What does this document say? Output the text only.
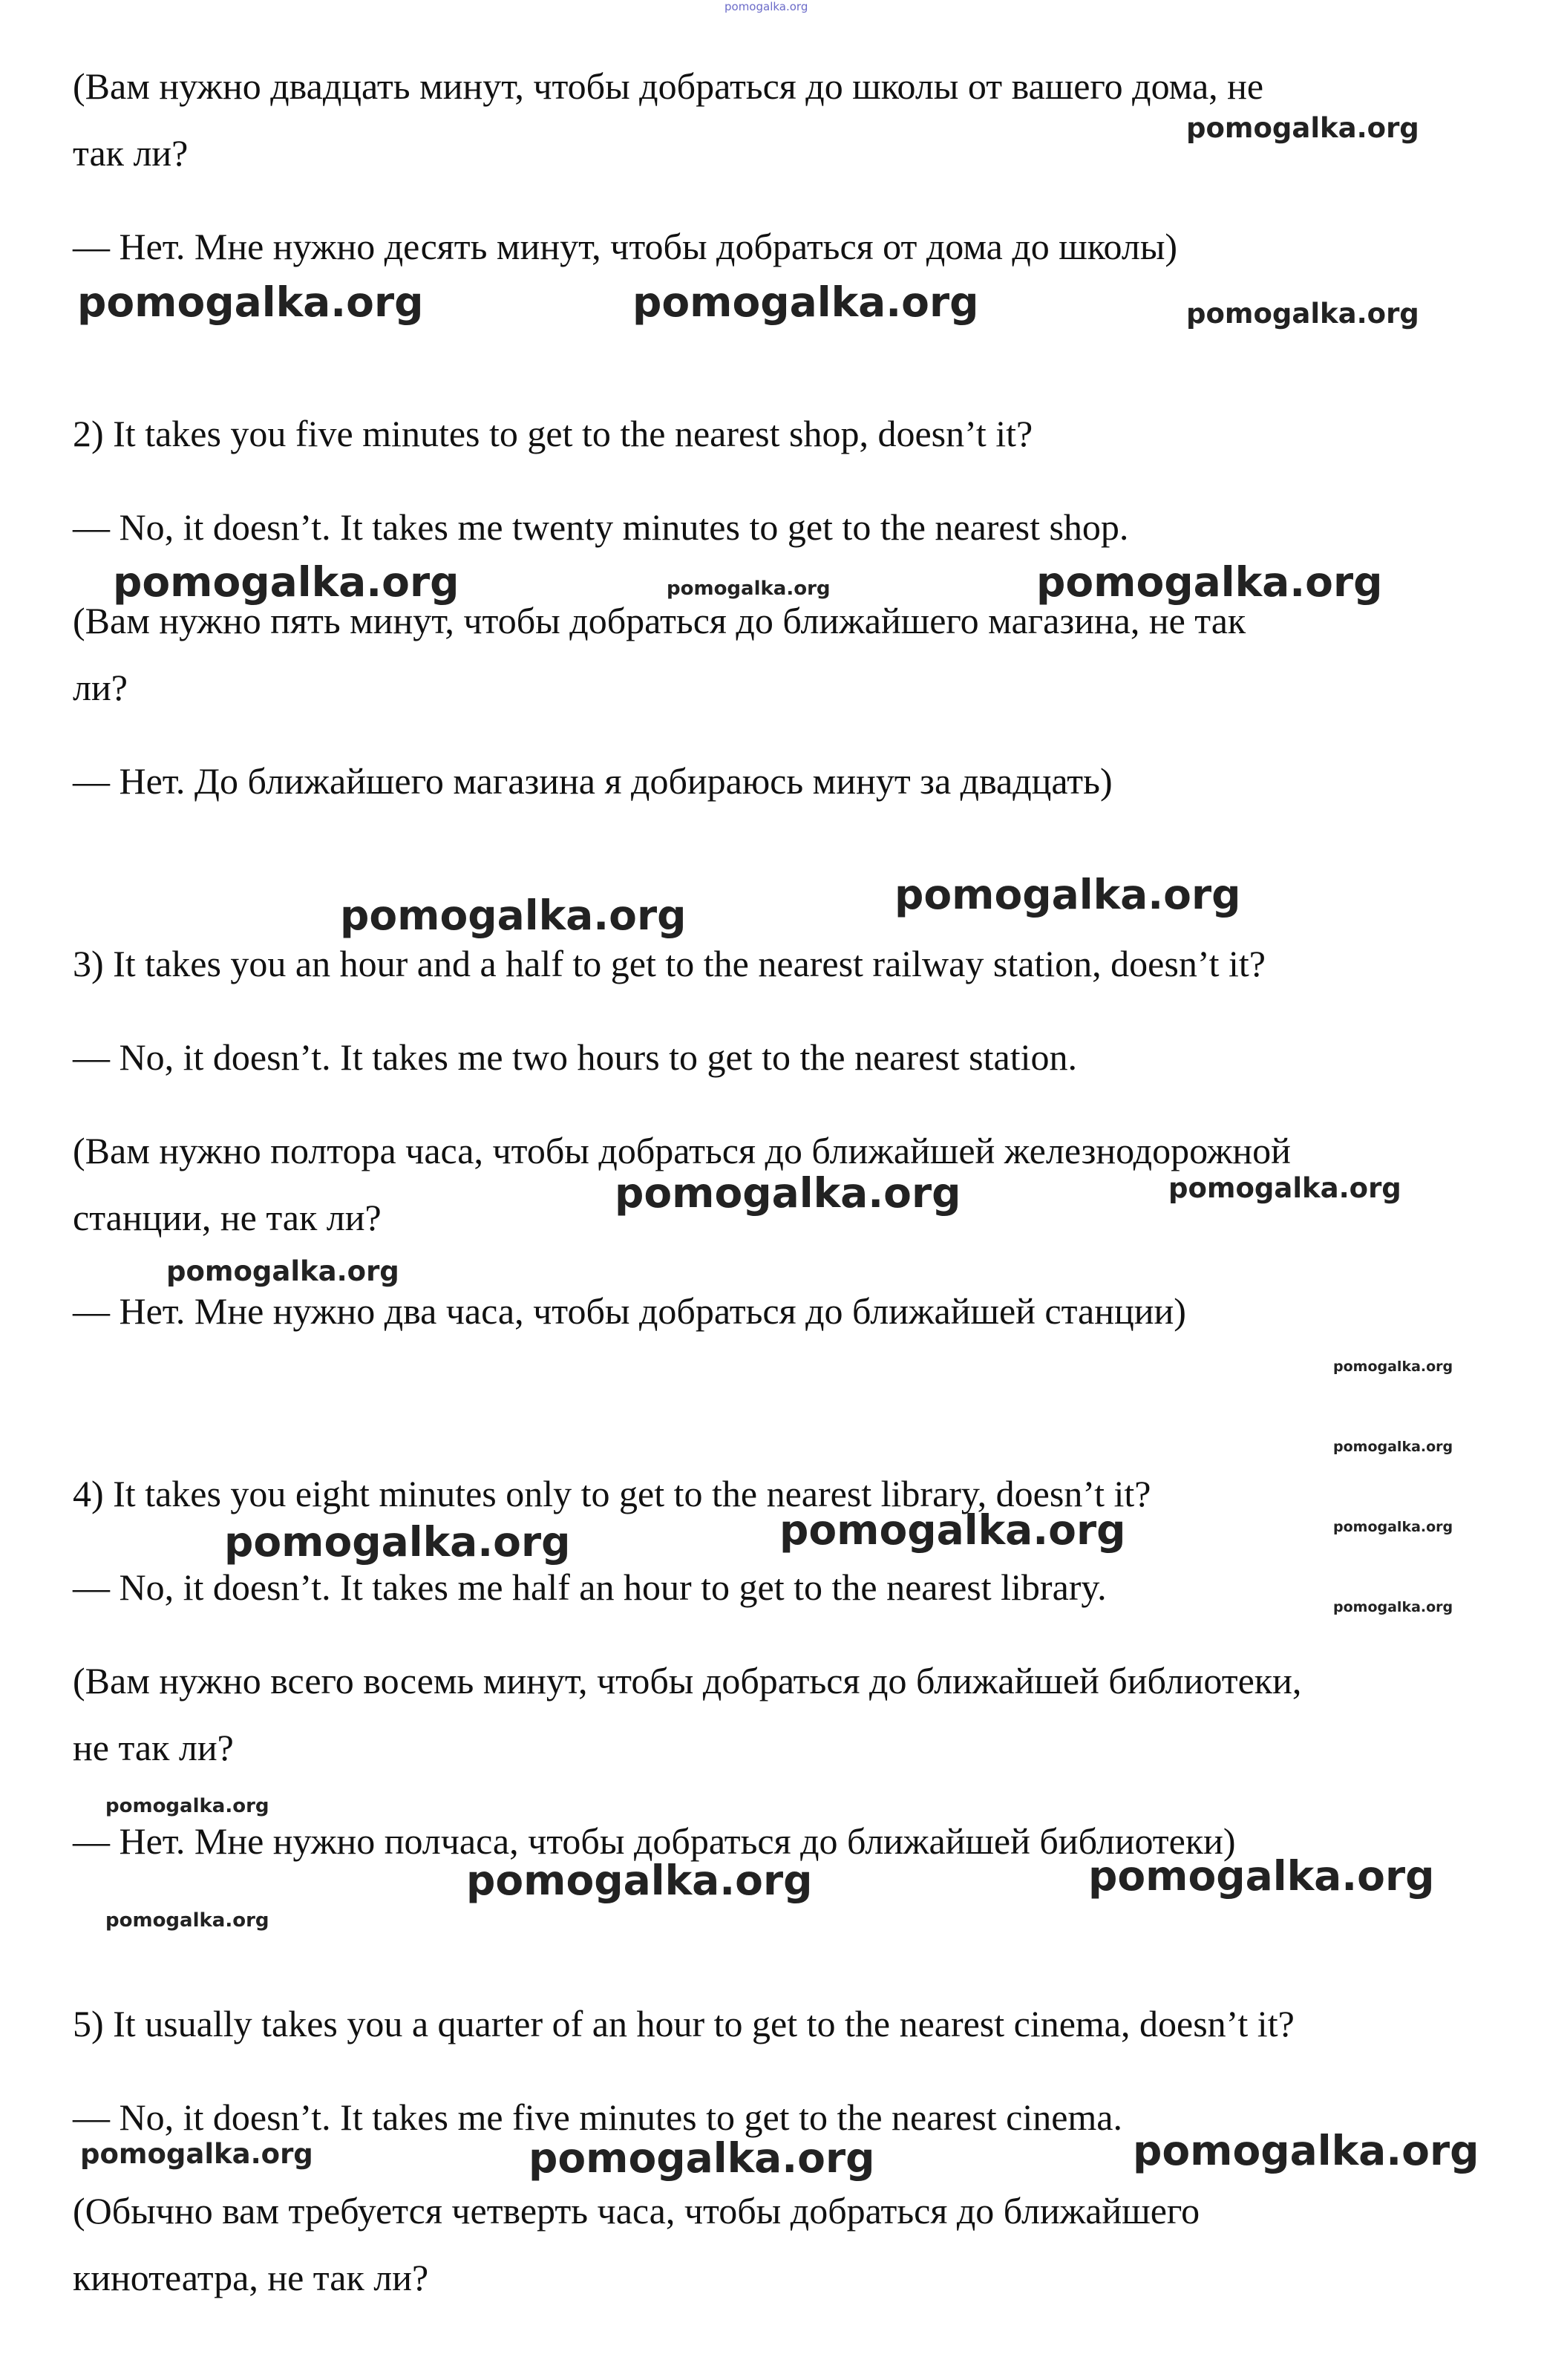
pomogalka.org
pomogalka.org
pomogalka.org	pomogalka.org	pomogalka.org
pomogalka.org	pomogalka.org	pomogalka.org
pomogalka.org
pomogalka.org
pomogalka.org	pomogalka.org
pomogalka.org
pomogalka.org
pomogalka.org
pomogalka.org	pomogalka.org
pomogalka.org
pomogalka.org
pomogalka.org
pomogalka.org
pomogalka.org
pomogalka.org
pomogalka.org	pomogalka.org	pomogalka.org

(Вам нужно двадцать минут, чтобы добраться до школы от вашего дома, не

так ли?

— Нет. Мне нужно десять минут, чтобы добраться от дома до школы)

2) It takes you five minutes to get to the nearest shop, doesn’t it?

— No, it doesn’t. It takes me twenty minutes to get to the nearest shop.

(Вам нужно пять минут, чтобы добраться до ближайшего магазина, не так

ли?

— Нет. До ближайшего магазина я добираюсь минут за двадцать)

3) It takes you an hour and a half to get to the nearest railway station, doesn’t it?

— No, it doesn’t. It takes me two hours to get to the nearest station.

(Вам нужно полтора часа, чтобы добраться до ближайшей железнодорожной

станции, не так ли?

— Нет. Мне нужно два часа, чтобы добраться до ближайшей станции)

4) It takes you eight minutes only to get to the nearest library, doesn’t it?

— No, it doesn’t. It takes me half an hour to get to the nearest library.

(Вам нужно всего восемь минут, чтобы добраться до ближайшей библиотеки,

не так ли?

— Нет. Мне нужно полчаса, чтобы добраться до ближайшей библиотеки)

5) It usually takes you a quarter of an hour to get to the nearest cinema, doesn’t it?

— No, it doesn’t. It takes me five minutes to get to the nearest cinema.

(Обычно вам требуется четверть часа, чтобы добраться до ближайшего

кинотеатра, не так ли?
